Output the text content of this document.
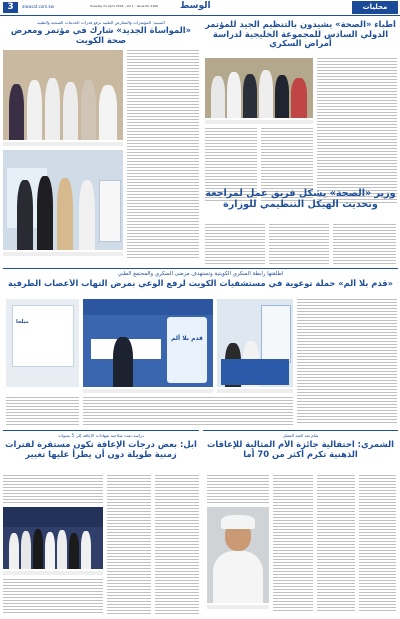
3	alwasat.com.kw	Tuesday 21 April 2016 - Vol 1 - Issue No 2106 الوسط	محليات
أطباء «الصحة» يشيدون بالتنظيم الجيد للمؤتمر الدولي السادس للمجموعة الخليجية لدراسة أمراض السكري
السبيه: المؤتمرات والمعارض الطبية ترفع قدرات الخدمات الصحية والطبية
«المواساة الجديد» شارك في مؤتمر ومعرض صحة الكويت
وزير «الصحة» يشكل فريق عمل لمراجعة وتحديث الهيكل التنظيمي للوزارة
أطلقتها رابطة السكري الكويتية وتستهدف مرضى السكري والمجتمع الطبي
«قدم بلا ألم» حملة توعوية في مستشفيات الكويت لرفع الوعي بمرض التهاب الأعصاب الطرفية
قدم بلا ألم
ميلجا
دراسة تمدد صلاحية شهادات الإعاقة إلى 5 سنوات
آبل: بعض درجات الإعاقة تكون مستقرة لفترات زمنية طويلة دون أن يطرأ عليها تغيير
تقام بعد العيد المقبل
الشمري: احتفالية جائزة الأم المثالية للإعاقات الذهنية تكرم أكثر من 70 أما
